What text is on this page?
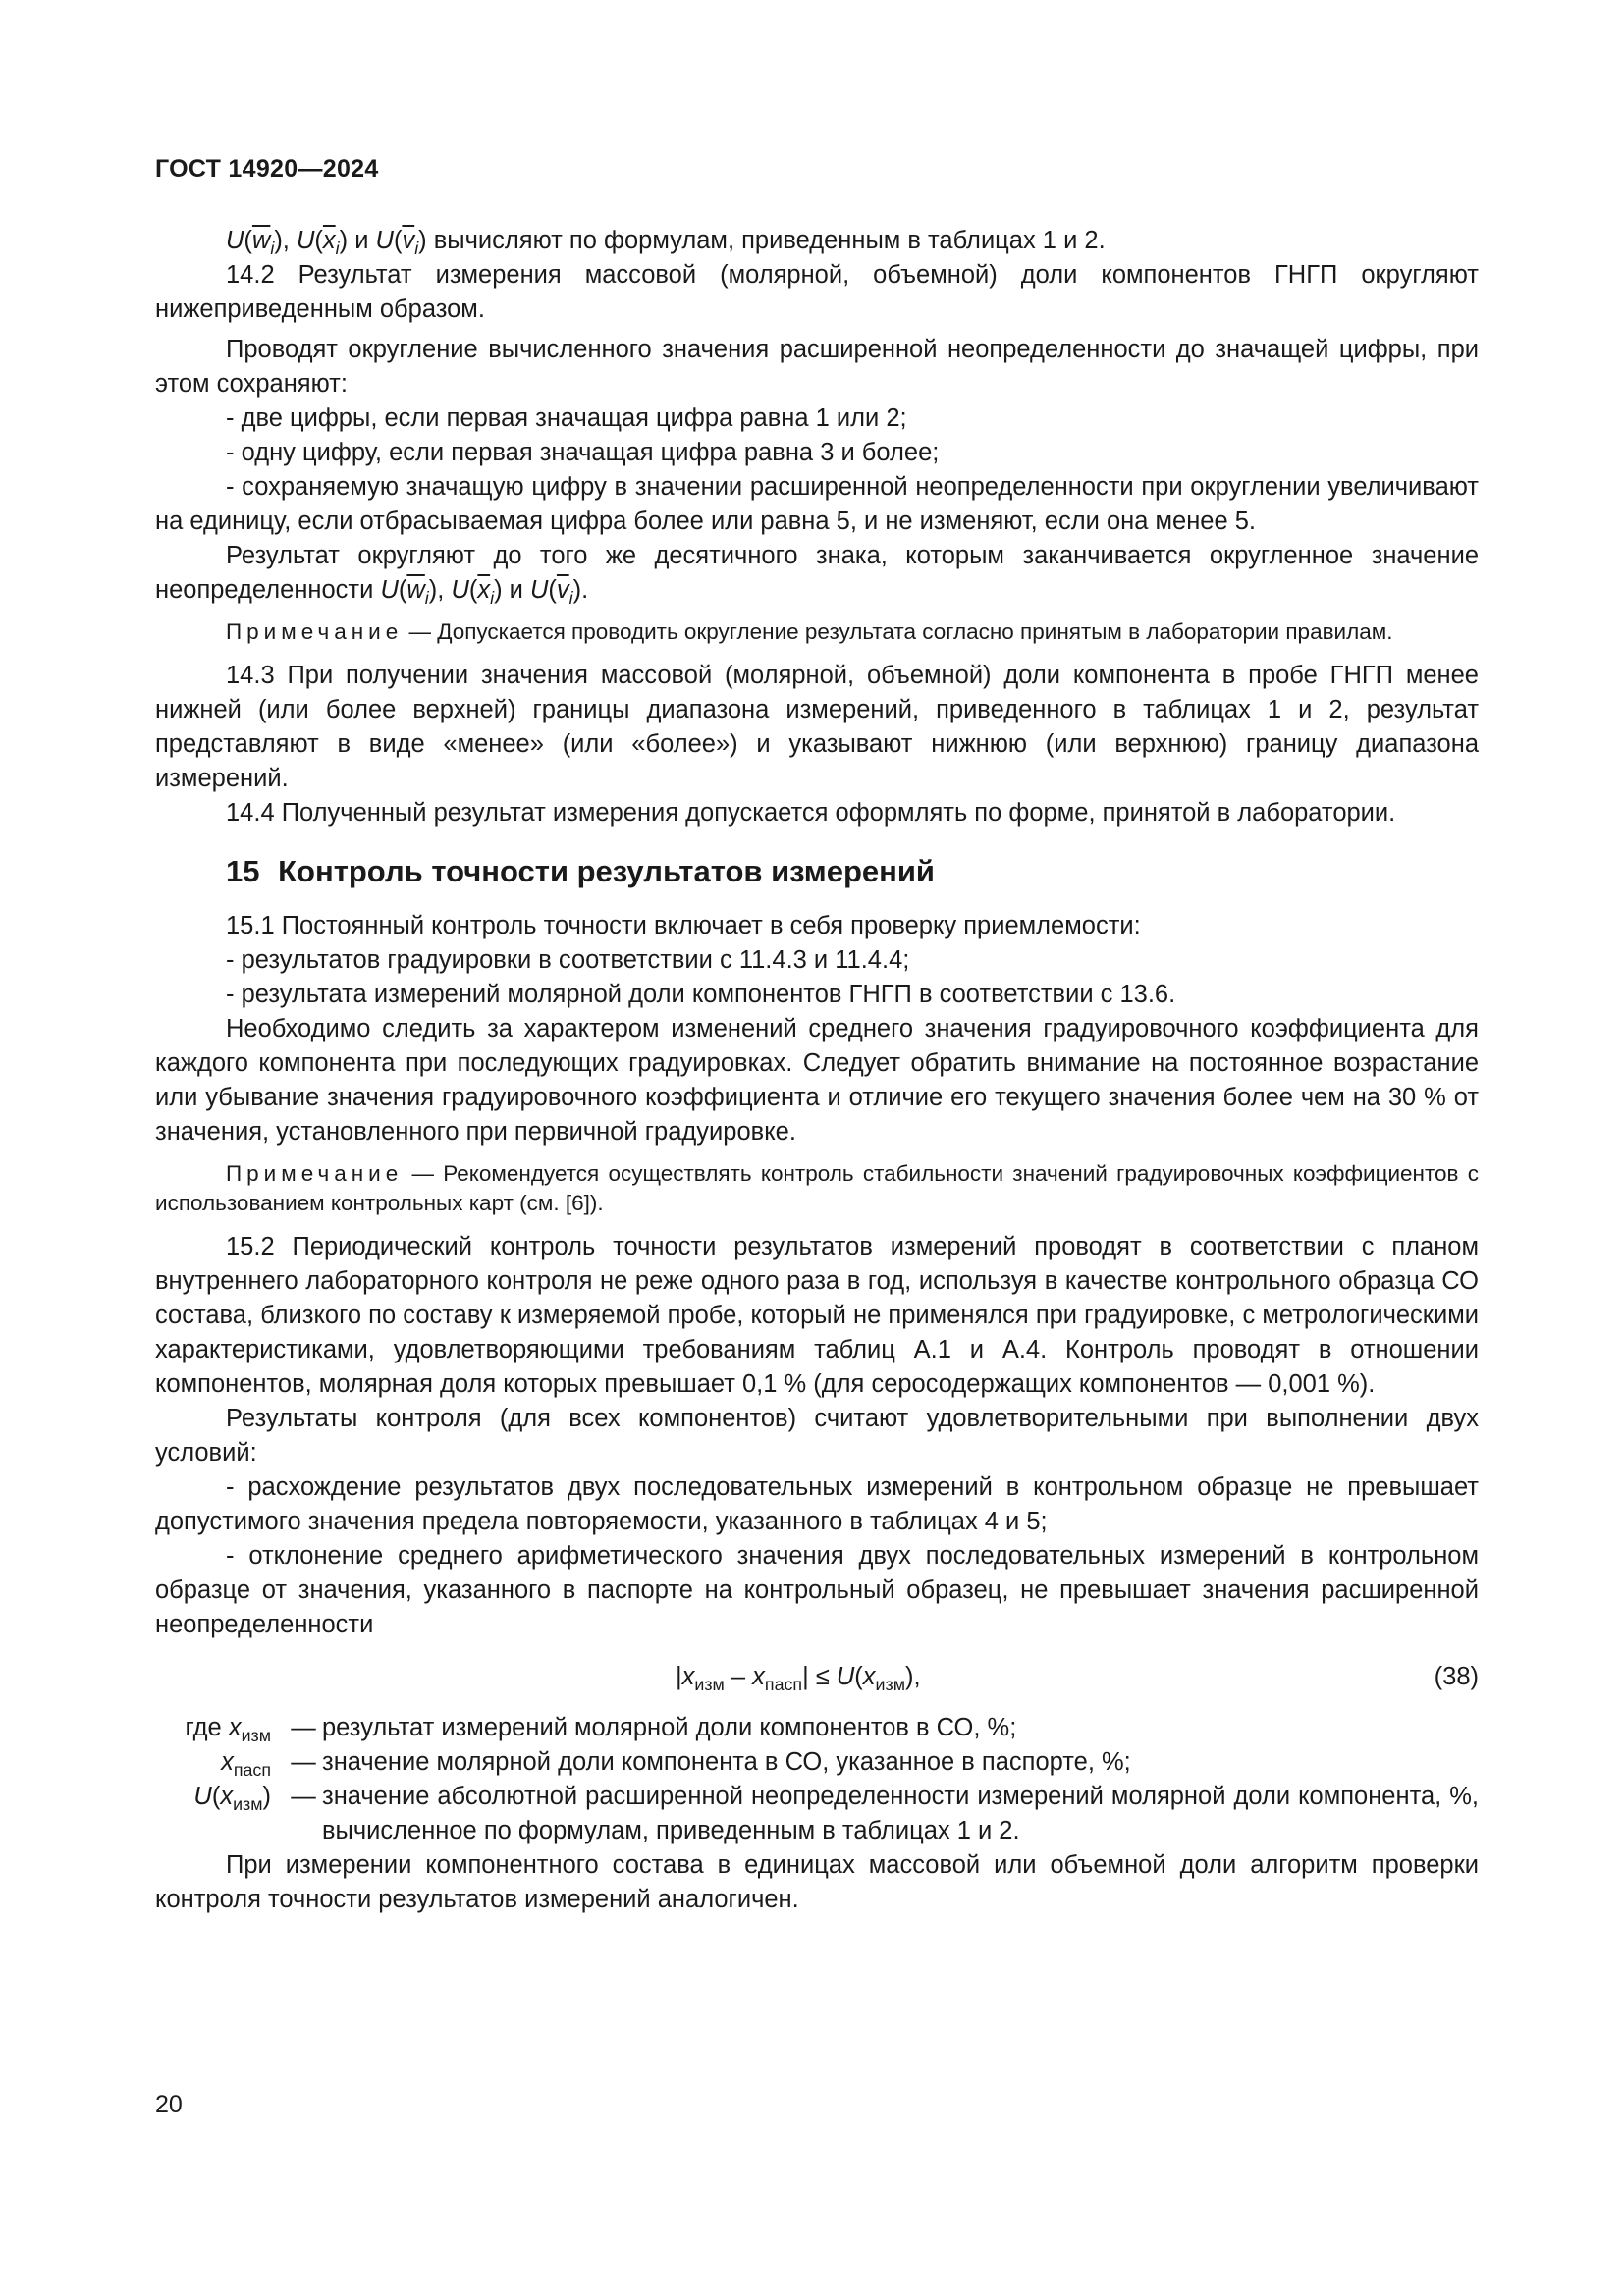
ГОСТ 14920—2024

$U(\overline{w}_i)$, $U(\overline{x}_i)$ и $U(\overline{v}_i)$ вычисляют по формулам, приведенным в таблицах 1 и 2.

14.2 Результат измерения массовой (молярной, объемной) доли компонентов ГНГП округляют нижеприведенным образом.

Проводят округление вычисленного значения расширенной неопределенности до значащей цифры, при этом сохраняют:

- две цифры, если первая значащая цифра равна 1 или 2;

- одну цифру, если первая значащая цифра равна 3 и более;

- сохраняемую значащую цифру в значении расширенной неопределенности при округлении увеличивают на единицу, если отбрасываемая цифра более или равна 5, и не изменяют, если она менее 5.

Результат округляют до того же десятичного знака, которым заканчивается округленное значение неопределенности $U(\overline{w}_i)$, $U(\overline{x}_i)$ и $U(\overline{v}_i)$.

Примечание — Допускается проводить округление результата согласно принятым в лаборатории правилам.

14.3 При получении значения массовой (молярной, объемной) доли компонента в пробе ГНГП менее нижней (или более верхней) границы диапазона измерений, приведенного в таблицах 1 и 2, результат представляют в виде «менее» (или «более») и указывают нижнюю (или верхнюю) границу диапазона измерений.

14.4 Полученный результат измерения допускается оформлять по форме, принятой в лаборатории.

15 Контроль точности результатов измерений

15.1 Постоянный контроль точности включает в себя проверку приемлемости:

- результатов градуировки в соответствии с 11.4.3 и 11.4.4;

- результата измерений молярной доли компонентов ГНГП в соответствии с 13.6.

Необходимо следить за характером изменений среднего значения градуировочного коэффициента для каждого компонента при последующих градуировках. Следует обратить внимание на постоянное возрастание или убывание значения градуировочного коэффициента и отличие его текущего значения более чем на 30 % от значения, установленного при первичной градуировке.

Примечание — Рекомендуется осуществлять контроль стабильности значений градуировочных коэффициентов с использованием контрольных карт (см. [6]).

15.2 Периодический контроль точности результатов измерений проводят в соответствии с планом внутреннего лабораторного контроля не реже одного раза в год, используя в качестве контрольного образца СО состава, близкого по составу к измеряемой пробе, который не применялся при градуировке, с метрологическими характеристиками, удовлетворяющими требованиям таблиц А.1 и А.4. Контроль проводят в отношении компонентов, молярная доля которых превышает 0,1 % (для серосодержащих компонентов — 0,001 %).

Результаты контроля (для всех компонентов) считают удовлетворительными при выполнении двух условий:

- расхождение результатов двух последовательных измерений в контрольном образце не превышает допустимого значения предела повторяемости, указанного в таблицах 4 и 5;

- отклонение среднего арифметического значения двух последовательных измерений в контрольном образце от значения, указанного в паспорте на контрольный образец, не превышает значения расширенной неопределенности

$|x_{изм} - x_{пасп}| \le U(x_{изм})$,	(38)
где $x_{изм}$ — результат измерений молярной доли компонентов в СО, %;
$x_{пасп}$ — значение молярной доли компонента в СО, указанное в паспорте, %;
$U(x_{изм})$ — значение абсолютной расширенной неопределенности измерений молярной доли компонента, %, вычисленное по формулам, приведенным в таблицах 1 и 2.

При измерении компонентного состава в единицах массовой или объемной доли алгоритм проверки контроля точности результатов измерений аналогичен.

20
